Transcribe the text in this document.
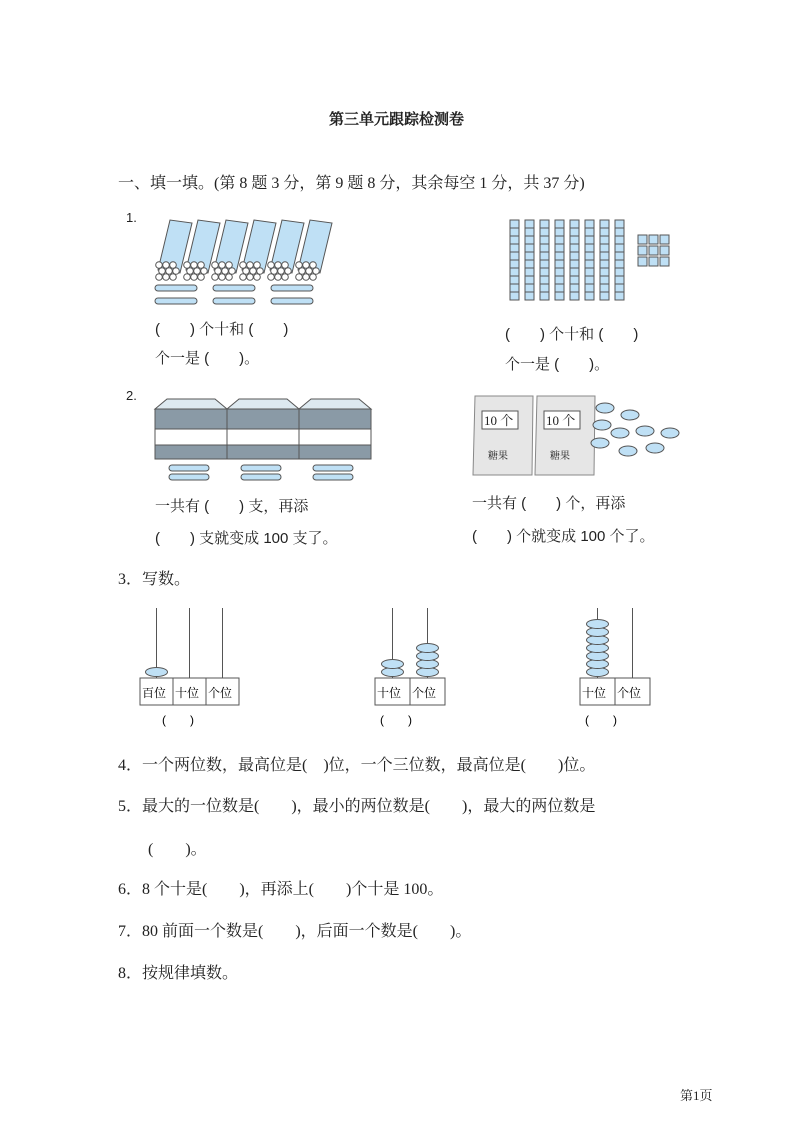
第三单元跟踪检测卷
一、填一填。(第 8 题 3 分，第 9 题 8 分，其余每空 1 分，共 37 分)
1.
(　　) 个十和 (　　)
个一是 (　　)。
(　　) 个十和 (　　)
个一是 (　　)。
2.
10 个
糖果
10 个
糖果
一共有 (　　) 支，再添
(　　) 支就变成 100 支了。
一共有 (　　) 个，再添
(　　) 个就变成 100 个了。
3．写数。
百位 十位 个位
(　　)
十位 个位
(　　)
十位 个位
(　　)
4．一个两位数，最高位是(　)位，一个三位数，最高位是(　　)位。
5．最大的一位数是(　　)，最小的两位数是(　　)，最大的两位数是
(　　)。
6．8 个十是(　　)，再添上(　　)个十是 100。
7．80 前面一个数是(　　)，后面一个数是(　　)。
8．按规律填数。
第1页
